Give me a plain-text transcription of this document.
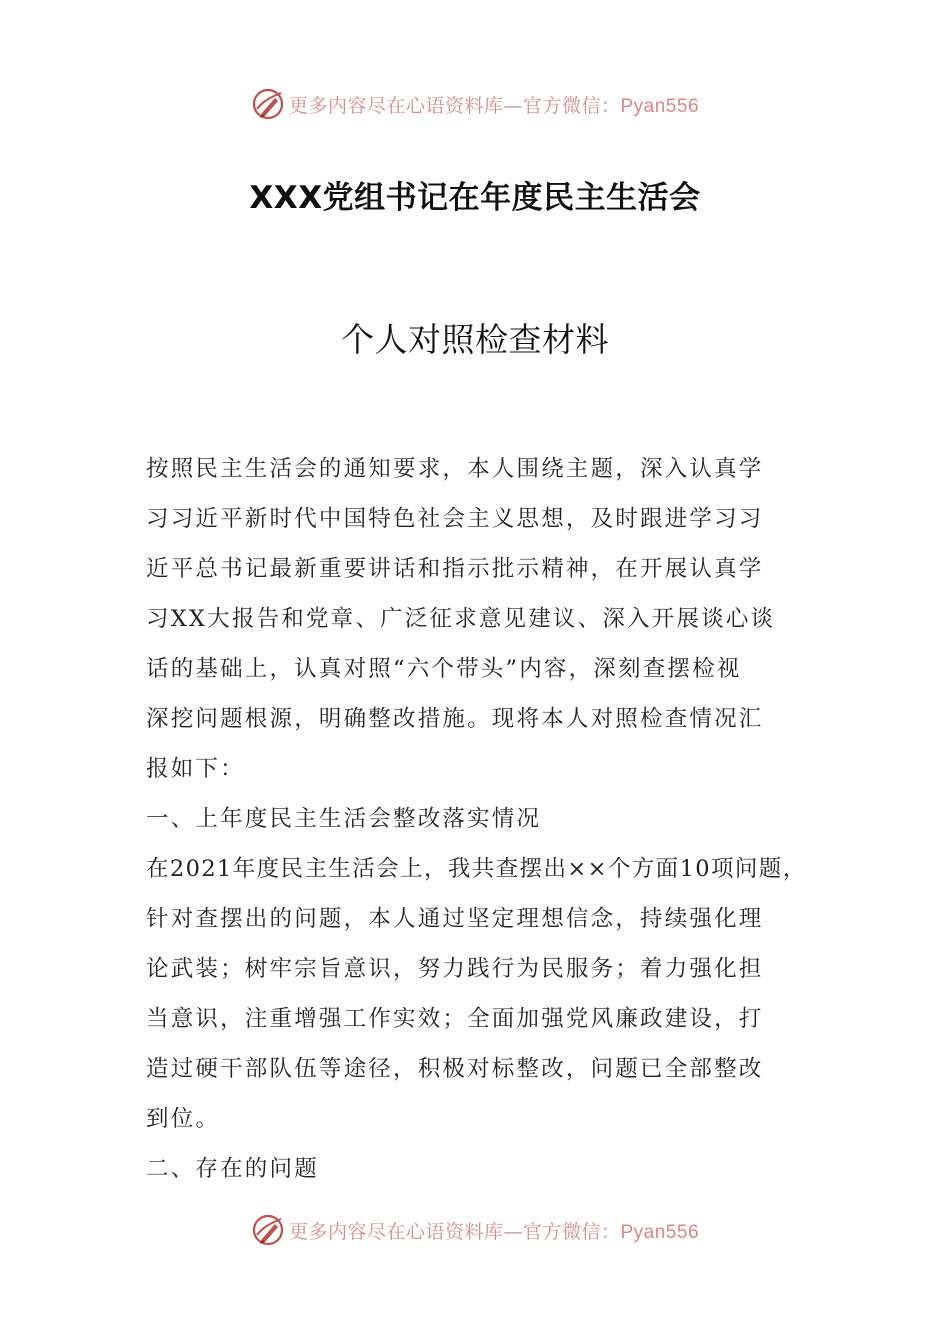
更多内容尽在心语资料库—官方微信：Pyan556
XXX党组书记在年度民主生活会
个人对照检查材料
按照民主生活会的通知要求，本人围绕主题，深入认真学
习习近平新时代中国特色社会主义思想，及时跟进学习习
近平总书记最新重要讲话和指示批示精神，在开展认真学
习XX大报告和党章、广泛征求意见建议、深入开展谈心谈
话的基础上，认真对照“六个带头”内容，深刻查摆检视
深挖问题根源，明确整改措施。现将本人对照检查情况汇
报如下：
一、上年度民主生活会整改落实情况
在2021年度民主生活会上，我共查摆出××个方面10项问题，
针对查摆出的问题，本人通过坚定理想信念，持续强化理
论武装；树牢宗旨意识，努力践行为民服务；着力强化担
当意识，注重增强工作实效；全面加强党风廉政建设，打
造过硬干部队伍等途径，积极对标整改，问题已全部整改
到位。
二、存在的问题
更多内容尽在心语资料库—官方微信：Pyan556
